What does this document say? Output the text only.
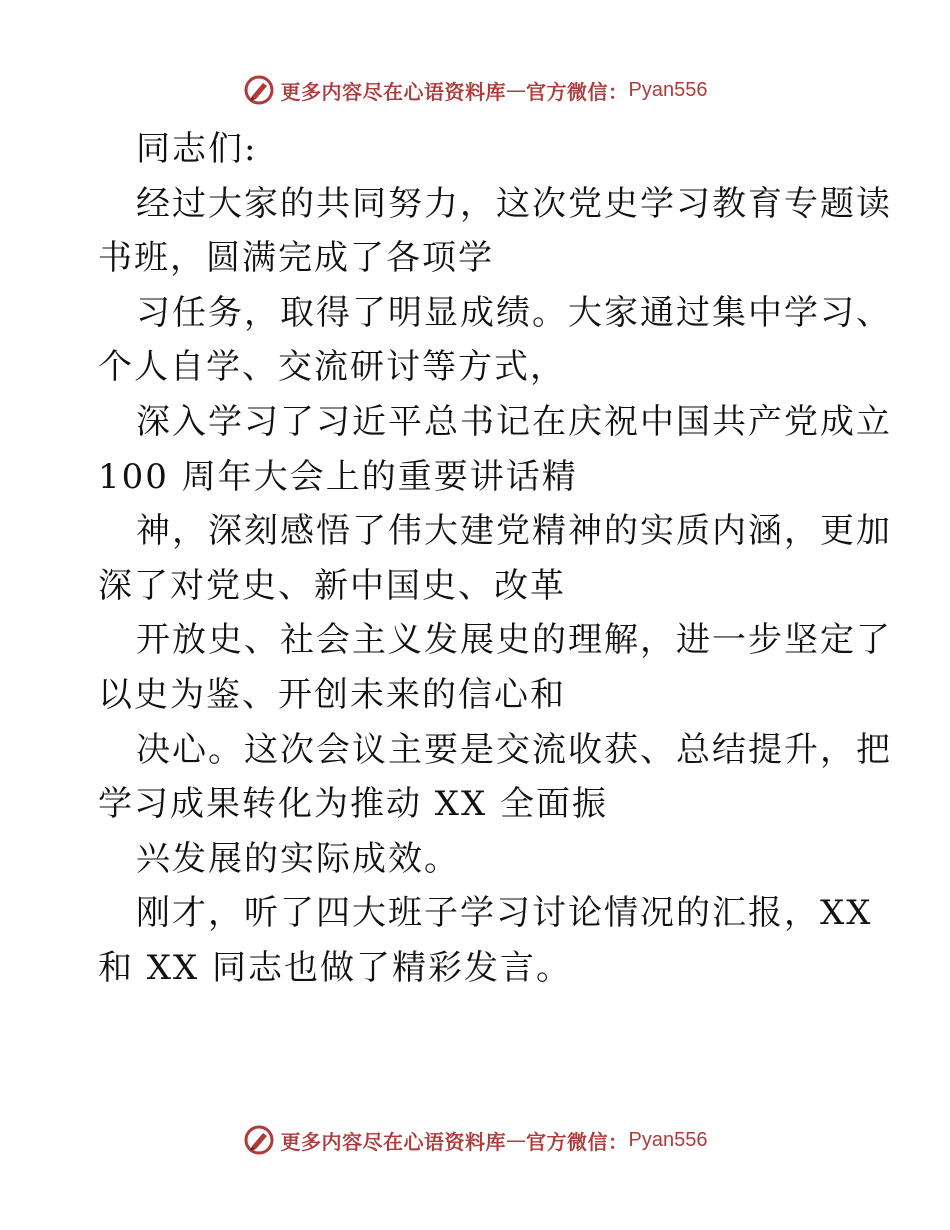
更多内容尽在心语资料库 — 官方微信： Pyan556
同志们:
经过大家的共同努力，这次党史学习教育专题读
书班，圆满完成了各项学
习任务，取得了明显成绩。大家通过集中学习、
个人自学、交流研讨等方式，
深入学习了习近平总书记在庆祝中国共产党成立
100 周年大会上的重要讲话精
神，深刻感悟了伟大建党精神的实质内涵，更加
深了对党史、新中国史、改革
开放史、社会主义发展史的理解，进一步坚定了
以史为鉴、开创未来的信心和
决心。这次会议主要是交流收获、总结提升，把
学习成果转化为推动 XX 全面振
兴发展的实际成效。
刚才，听了四大班子学习讨论情况的汇报，XX
和 XX 同志也做了精彩发言。
更多内容尽在心语资料库 — 官方微信： Pyan556
